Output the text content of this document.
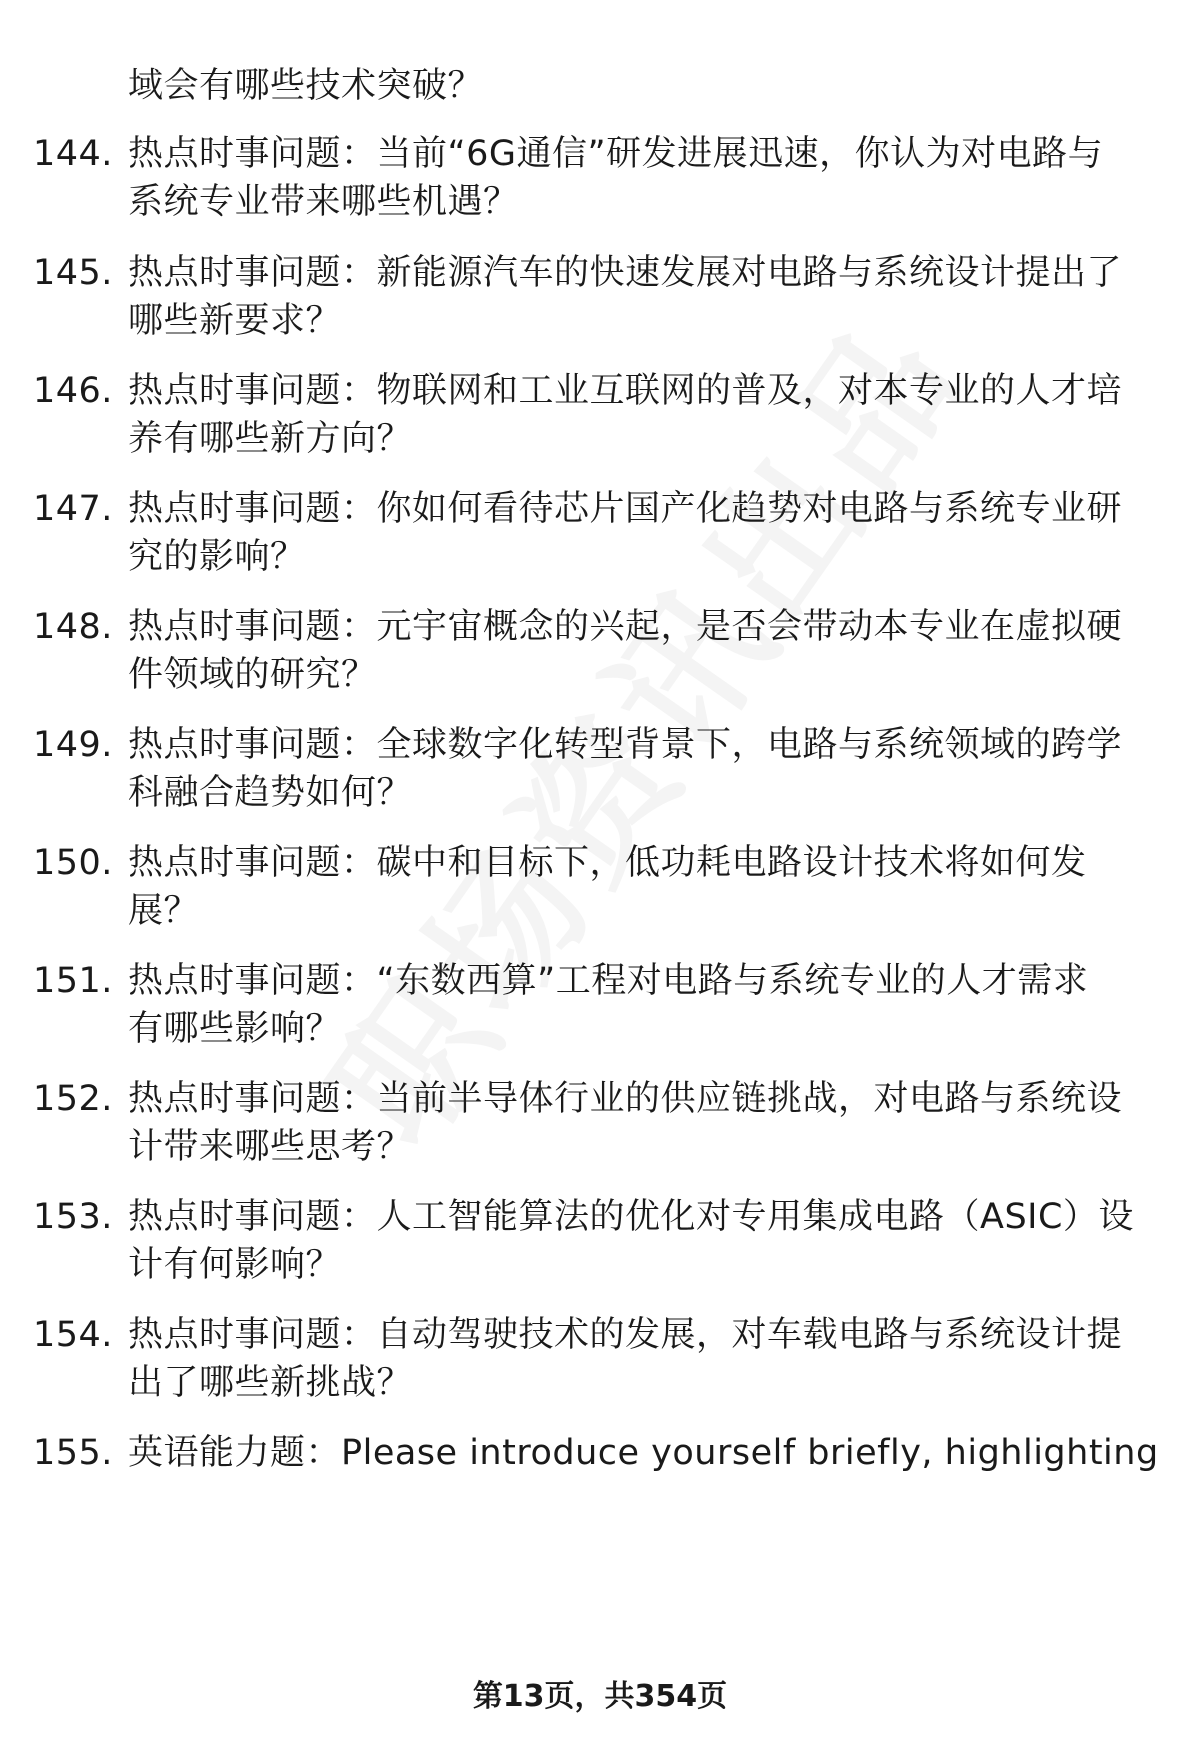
域会有哪些技术突破？
144. 热点时事问题：当前“6G通信”研发进展迅速，你认为对电路与
系统专业带来哪些机遇？
145. 热点时事问题：新能源汽车的快速发展对电路与系统设计提出了
哪些新要求？
146. 热点时事问题：物联网和工业互联网的普及，对本专业的人才培
养有哪些新方向？
147. 热点时事问题：你如何看待芯片国产化趋势对电路与系统专业研
究的影响？
148. 热点时事问题：元宇宙概念的兴起，是否会带动本专业在虚拟硬
件领域的研究？
149. 热点时事问题：全球数字化转型背景下，电路与系统领域的跨学
科融合趋势如何？
150. 热点时事问题：碳中和目标下，低功耗电路设计技术将如何发
展？
151. 热点时事问题：“东数西算”工程对电路与系统专业的人才需求
有哪些影响？
152. 热点时事问题：当前半导体行业的供应链挑战，对电路与系统设
计带来哪些思考？
153. 热点时事问题：人工智能算法的优化对专用集成电路（ASIC）设
计有何影响？
154. 热点时事问题：自动驾驶技术的发展，对车载电路与系统设计提
出了哪些新挑战？
155. 英语能力题：Please introduce yourself briefly, highlighting
第13页，共354页
